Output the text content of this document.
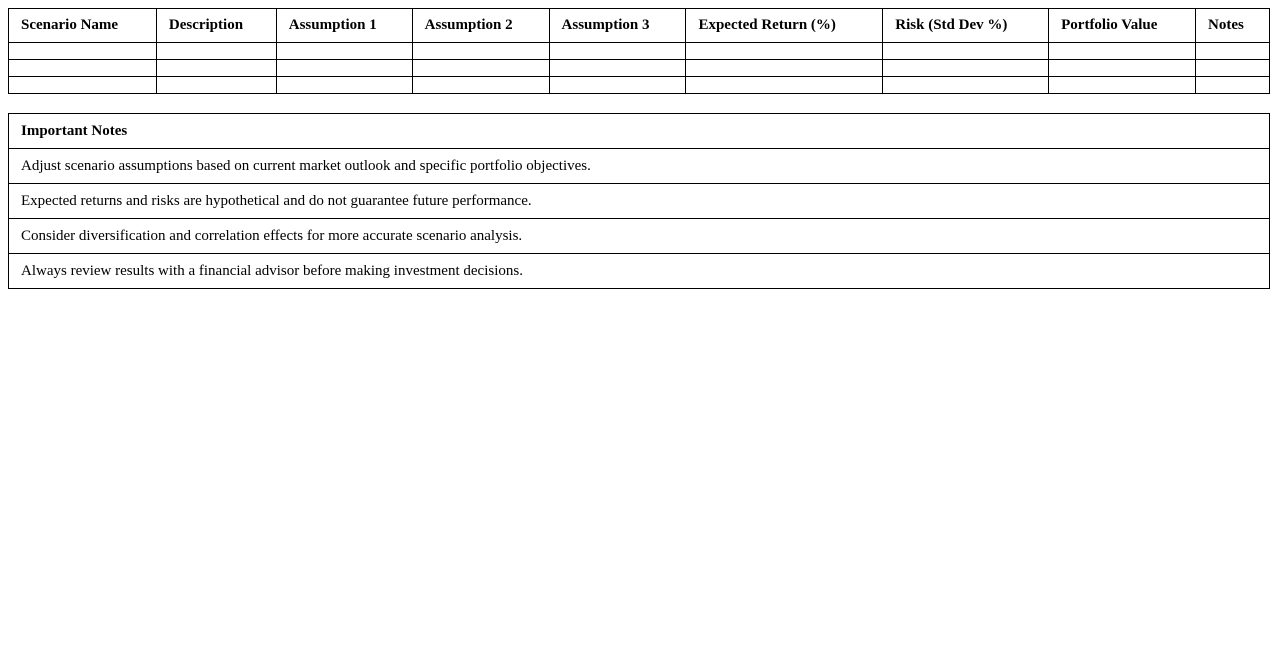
Scenario Name	Description	Assumption 1	Assumption 2	Assumption 3	Expected Return (%)	Risk (Std Dev %)	Portfolio Value	Notes

Important Notes
Adjust scenario assumptions based on current market outlook and specific portfolio objectives.
Expected returns and risks are hypothetical and do not guarantee future performance.
Consider diversification and correlation effects for more accurate scenario analysis.
Always review results with a financial advisor before making investment decisions.
